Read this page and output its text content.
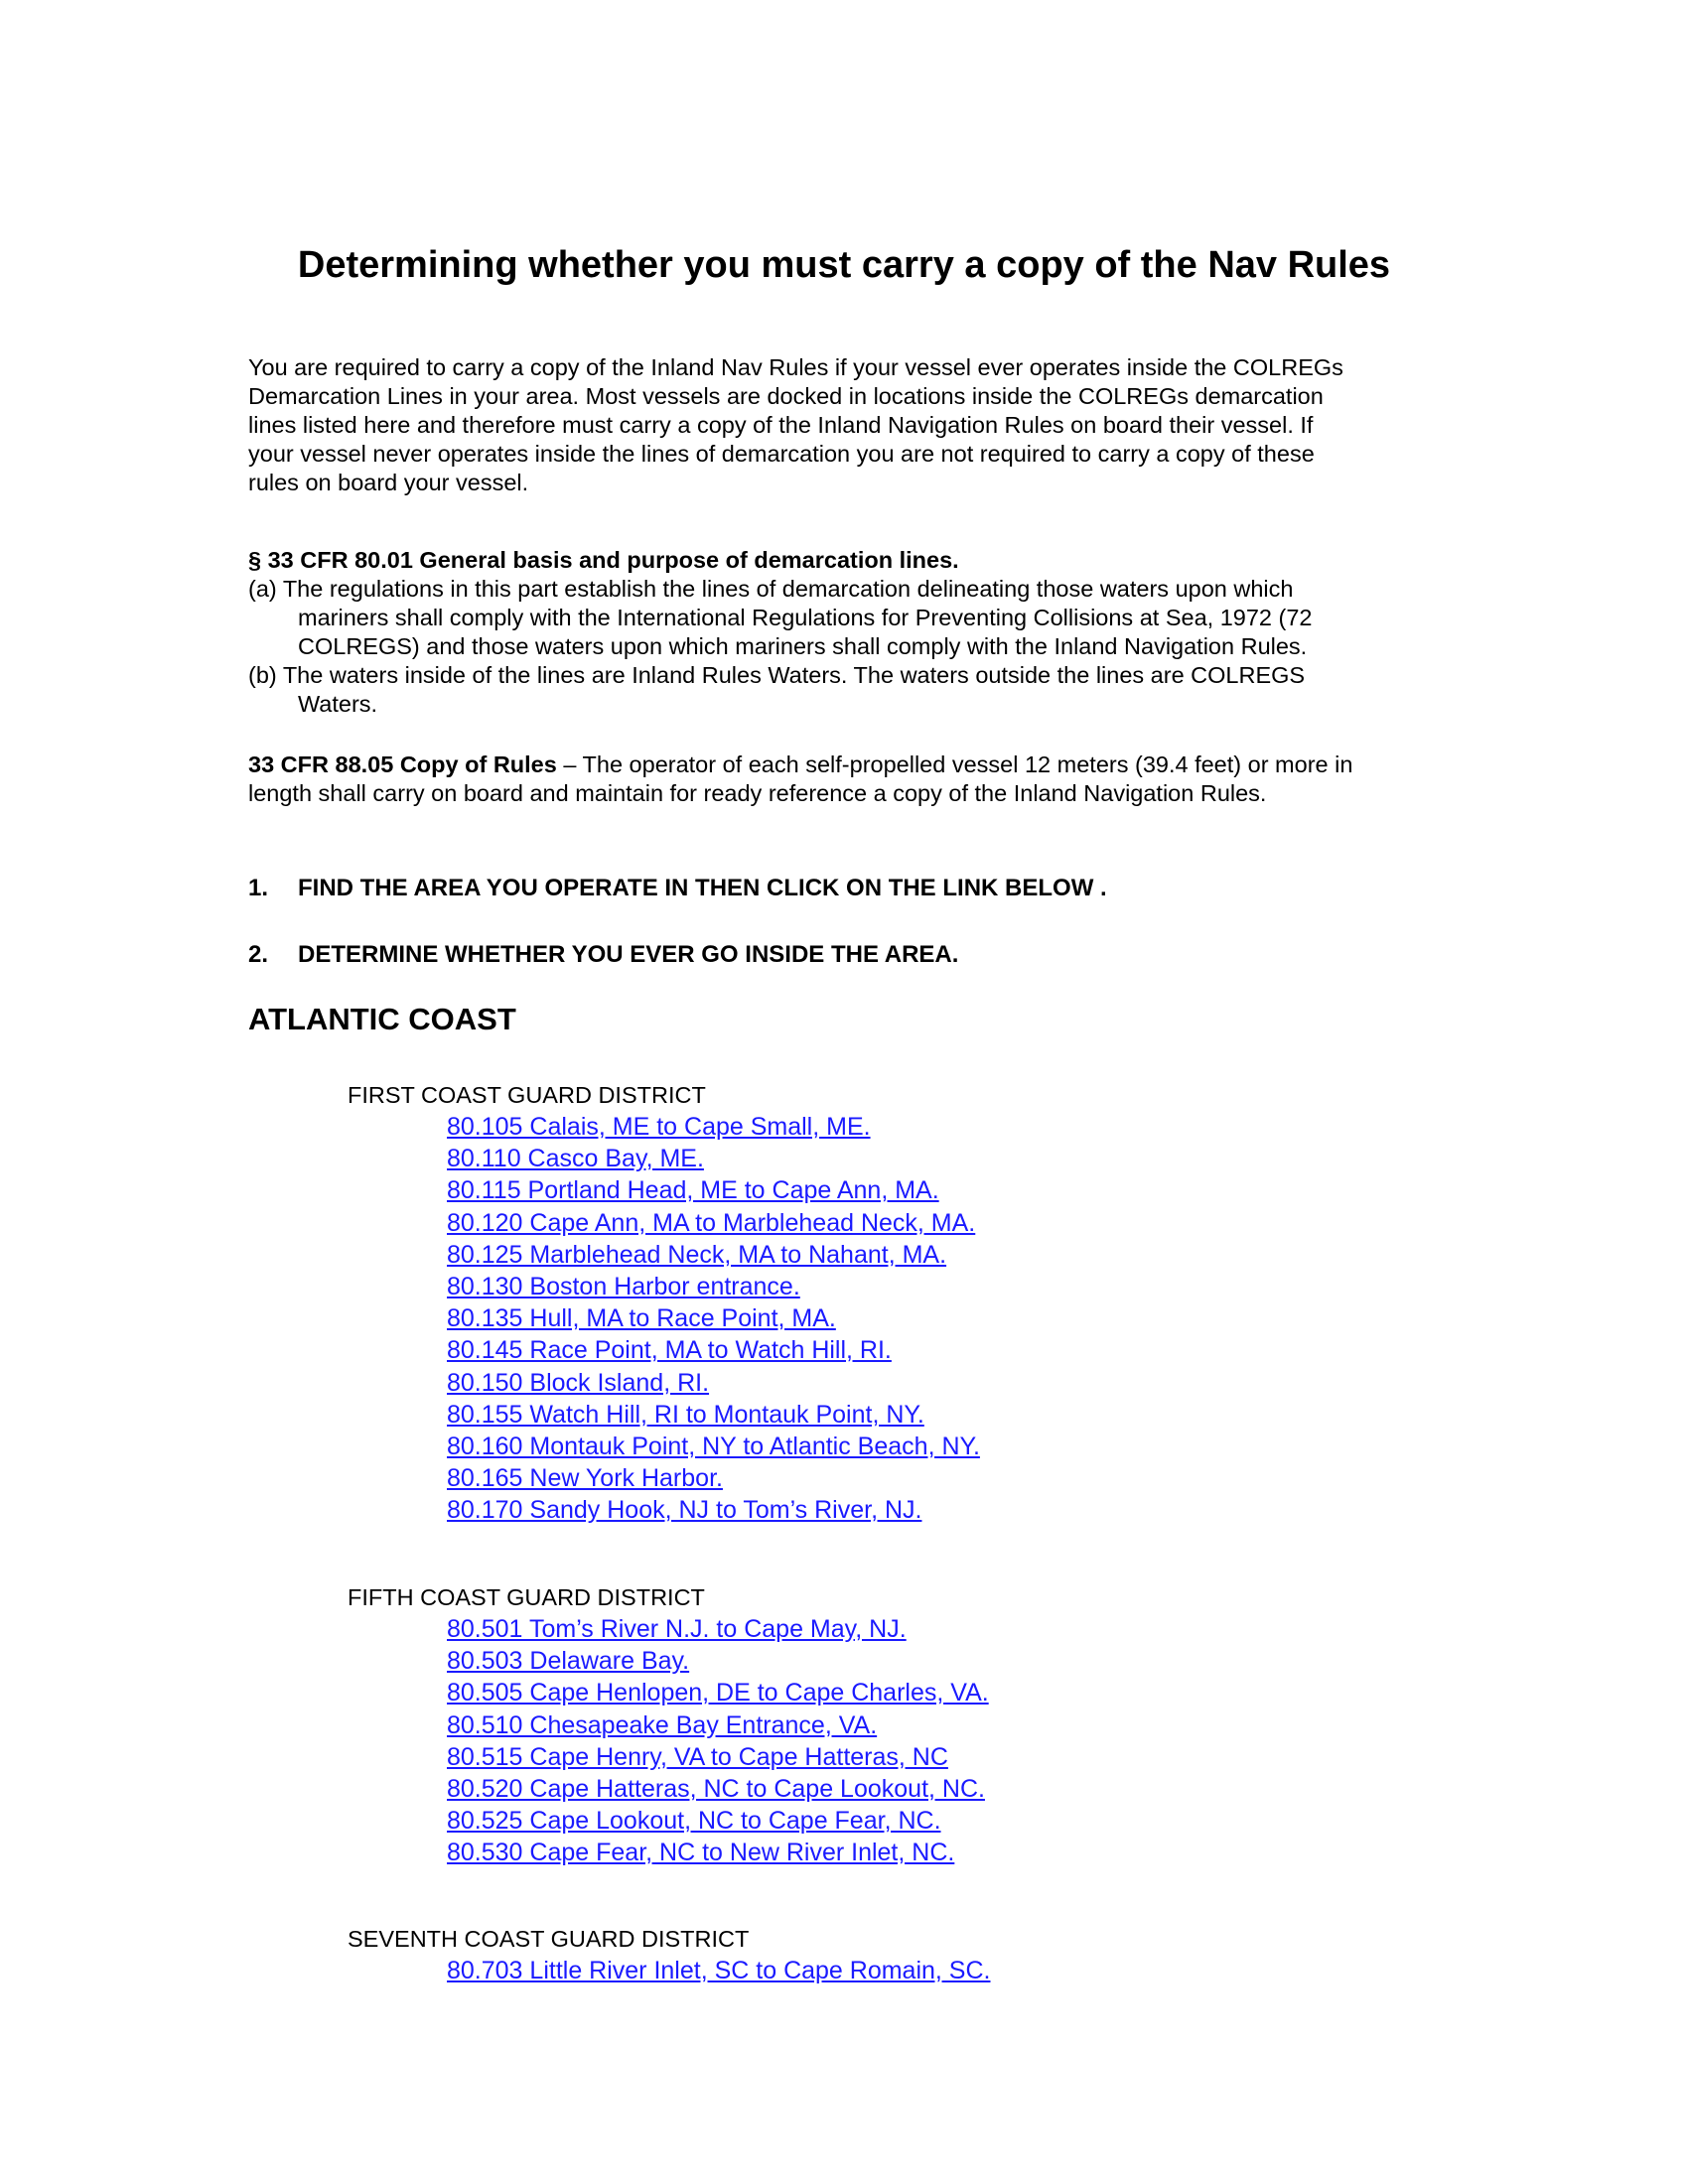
Determining whether you must carry a copy of the Nav Rules
You are required to carry a copy of the Inland Nav Rules if your vessel ever operates inside the COLREGs
Demarcation Lines in your area. Most vessels are docked in locations inside the COLREGs demarcation
lines listed here and therefore must carry a copy of the Inland Navigation Rules on board their vessel. If
your vessel never operates inside the lines of demarcation you are not required to carry a copy of these
rules on board your vessel.
§ 33 CFR 80.01 General basis and purpose of demarcation lines.
(a) The regulations in this part establish the lines of demarcation delineating those waters upon which
mariners shall comply with the International Regulations for Preventing Collisions at Sea, 1972 (72
COLREGS) and those waters upon which mariners shall comply with the Inland Navigation Rules.
(b) The waters inside of the lines are Inland Rules Waters. The waters outside the lines are COLREGS
Waters.
33 CFR 88.05 Copy of Rules – The operator of each self-propelled vessel 12 meters (39.4 feet) or more in
length shall carry on board and maintain for ready reference a copy of the Inland Navigation Rules.
1. FIND THE AREA YOU OPERATE IN THEN CLICK ON THE LINK BELOW .
2. DETERMINE WHETHER YOU EVER GO INSIDE THE AREA.
ATLANTIC COAST
FIRST COAST GUARD DISTRICT
80.105 Calais, ME to Cape Small, ME.
80.110 Casco Bay, ME.
80.115 Portland Head, ME to Cape Ann, MA.
80.120 Cape Ann, MA to Marblehead Neck, MA.
80.125 Marblehead Neck, MA to Nahant, MA.
80.130 Boston Harbor entrance.
80.135 Hull, MA to Race Point, MA.
80.145 Race Point, MA to Watch Hill, RI.
80.150 Block Island, RI.
80.155 Watch Hill, RI to Montauk Point, NY.
80.160 Montauk Point, NY to Atlantic Beach, NY.
80.165 New York Harbor.
80.170 Sandy Hook, NJ to Tom’s River, NJ.
FIFTH COAST GUARD DISTRICT
80.501 Tom’s River N.J. to Cape May, NJ.
80.503 Delaware Bay.
80.505 Cape Henlopen, DE to Cape Charles, VA.
80.510 Chesapeake Bay Entrance, VA.
80.515 Cape Henry, VA to Cape Hatteras, NC
80.520 Cape Hatteras, NC to Cape Lookout, NC.
80.525 Cape Lookout, NC to Cape Fear, NC.
80.530 Cape Fear, NC to New River Inlet, NC.
SEVENTH COAST GUARD DISTRICT
80.703 Little River Inlet, SC to Cape Romain, SC.
